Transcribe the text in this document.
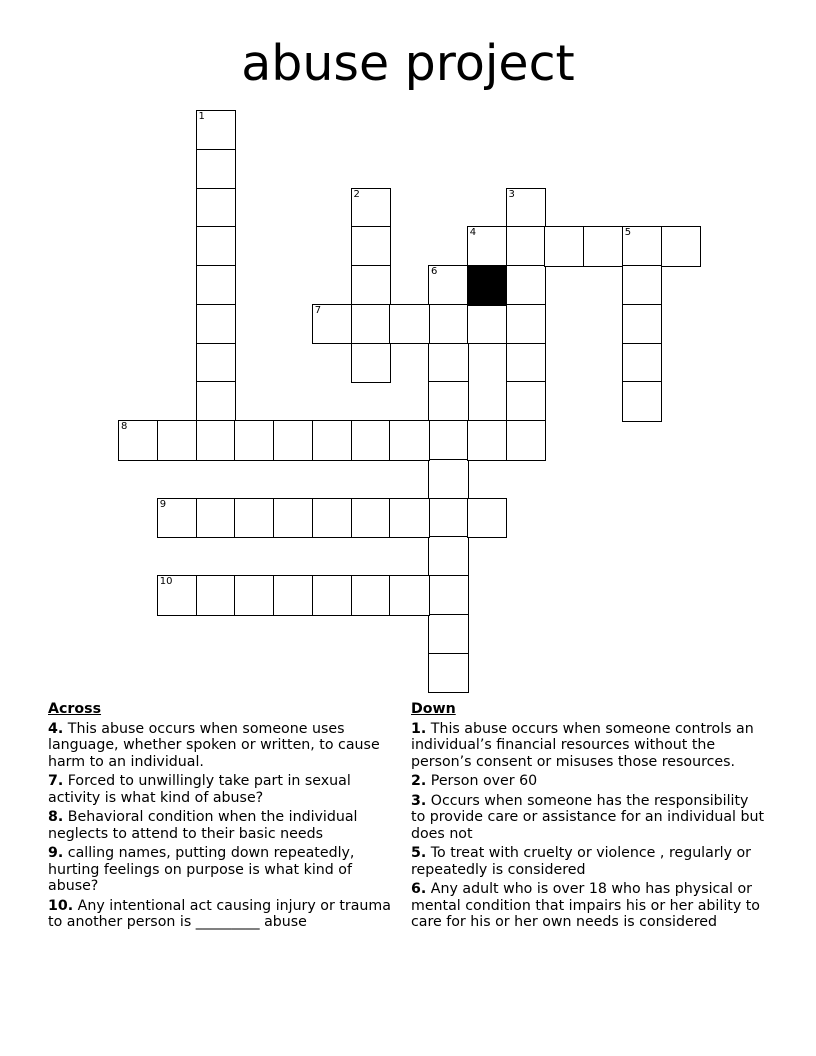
abuse project
1
2	3
4	5
6
7
8
9
10
Across
4. This abuse occurs when someone uses language, whether spoken or written, to cause harm to an individual.
7. Forced to unwillingly take part in sexual activity is what kind of abuse?
8. Behavioral condition when the individual neglects to attend to their basic needs
9. calling names, putting down repeatedly, hurting feelings on purpose is what kind of abuse?
10. Any intentional act causing injury or trauma to another person is _________ abuse
Down
1. This abuse occurs when someone controls an individual’s financial resources without the person’s consent or misuses those resources.
2. Person over 60
3. Occurs when someone has the responsibility to provide care or assistance for an individual but does not
5. To treat with cruelty or violence , regularly or repeatedly is considered
6. Any adult who is over 18 who has physical or mental condition that impairs his or her ability to care for his or her own needs is considered
